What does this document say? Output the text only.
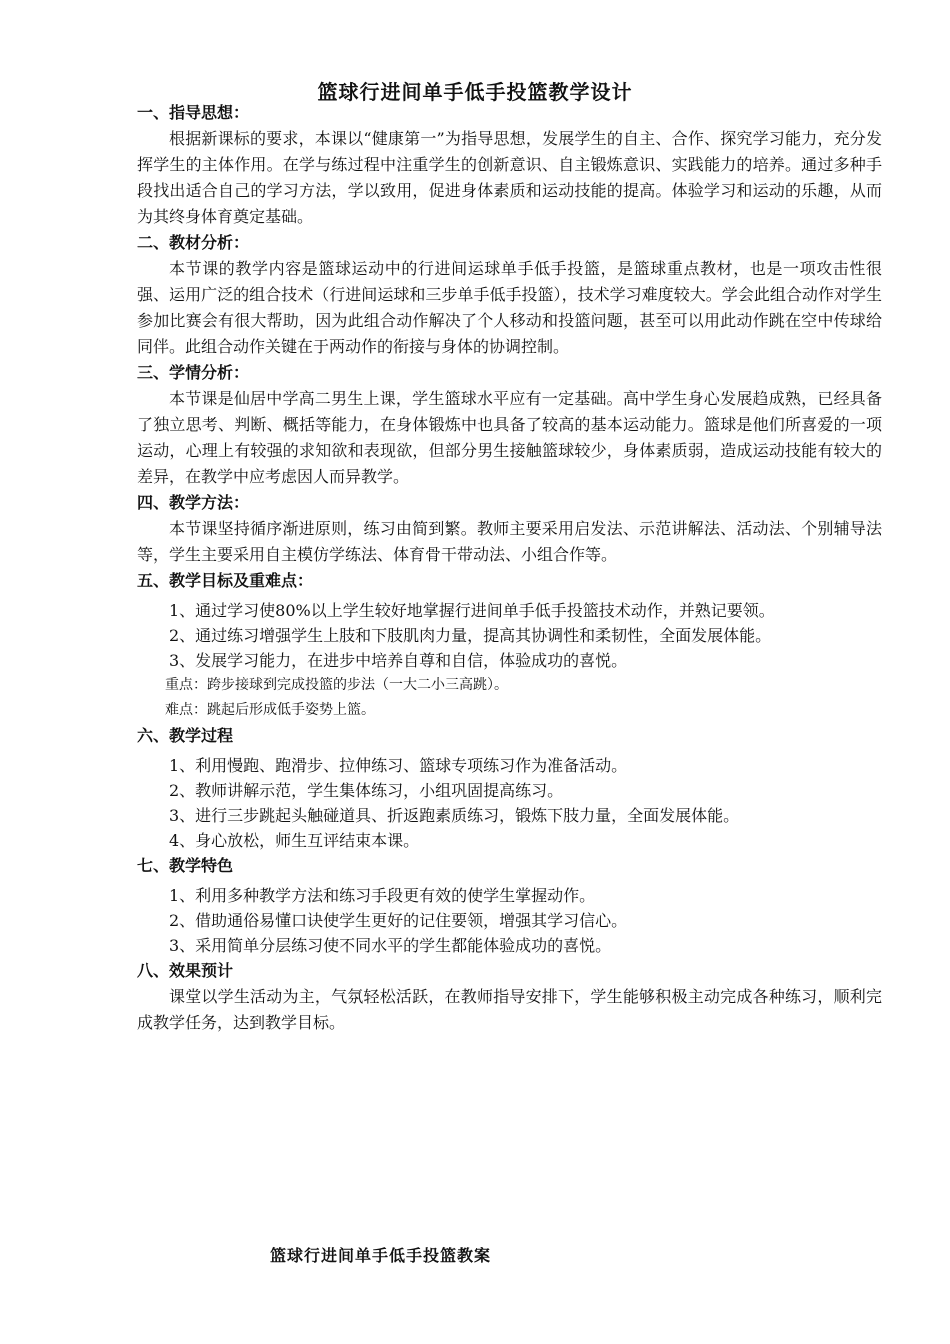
篮球行进间单手低手投篮教学设计
一、指导思想：
根据新课标的要求，本课以“健康第一”为指导思想，发展学生的自主、合作、探究学习能力，充分发挥学生的主体作用。在学与练过程中注重学生的创新意识、自主锻炼意识、实践能力的培养。通过多种手段找出适合自己的学习方法，学以致用，促进身体素质和运动技能的提高。体验学习和运动的乐趣，从而为其终身体育奠定基础。
二、教材分析：
本节课的教学内容是篮球运动中的行进间运球单手低手投篮，是篮球重点教材，也是一项攻击性很强、运用广泛的组合技术（行进间运球和三步单手低手投篮），技术学习难度较大。学会此组合动作对学生参加比赛会有很大帮助，因为此组合动作解决了个人移动和投篮问题，甚至可以用此动作跳在空中传球给同伴。此组合动作关键在于两动作的衔接与身体的协调控制。
三、学情分析：
本节课是仙居中学高二男生上课，学生篮球水平应有一定基础。高中学生身心发展趋成熟，已经具备了独立思考、判断、概括等能力，在身体锻炼中也具备了较高的基本运动能力。篮球是他们所喜爱的一项运动，心理上有较强的求知欲和表现欲，但部分男生接触篮球较少，身体素质弱，造成运动技能有较大的差异，在教学中应考虑因人而异教学。
四、教学方法：
本节课坚持循序渐进原则，练习由简到繁。教师主要采用启发法、示范讲解法、活动法、个别辅导法等，学生主要采用自主模仿学练法、体育骨干带动法、小组合作等。
五、教学目标及重难点：
1、通过学习使80%以上学生较好地掌握行进间单手低手投篮技术动作，并熟记要领。
2、通过练习增强学生上肢和下肢肌肉力量，提高其协调性和柔韧性，全面发展体能。
3、发展学习能力，在进步中培养自尊和自信，体验成功的喜悦。
重点：跨步接球到完成投篮的步法（一大二小三高跳）。
难点：跳起后形成低手姿势上篮。
六、教学过程
1、利用慢跑、跑滑步、拉伸练习、篮球专项练习作为准备活动。
2、教师讲解示范，学生集体练习，小组巩固提高练习。
3、进行三步跳起头触碰道具、折返跑素质练习，锻炼下肢力量，全面发展体能。
4、身心放松，师生互评结束本课。
七、教学特色
1、利用多种教学方法和练习手段更有效的使学生掌握动作。
2、借助通俗易懂口诀使学生更好的记住要领，增强其学习信心。
3、采用简单分层练习使不同水平的学生都能体验成功的喜悦。
八、效果预计
课堂以学生活动为主，气氛轻松活跃，在教师指导安排下，学生能够积极主动完成各种练习，顺利完成教学任务，达到教学目标。
篮球行进间单手低手投篮教案
